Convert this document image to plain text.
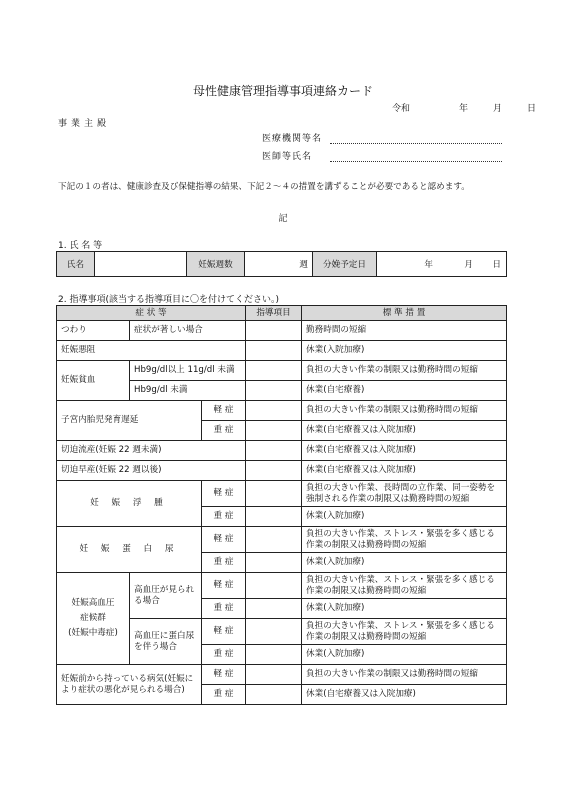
母性健康管理指導事項連絡カード
令和	年	月	日
事業主殿
医療機関等名
医師等氏名
下記の１の者は、健康診査及び保健指導の結果、下記２～４の措置を講ずることが必要であると認めます。
記
1. 氏 名 等
氏名		妊娠週数	週	分娩予定日	年	月 日
2. 指導事項(該当する指導項目に〇を付けてください。)
症 状 等			指導項目	標 準 措 置
つわり	症状が著しい場合			勤務時間の短縮
妊娠悪阻				休業(入院加療)
妊娠貧血	Hb9g/dl以上 11g/dl 未満			負担の大きい作業の制限又は勤務時間の短縮
	Hb9g/dl 未満			休業(自宅療養)
子宮内胎児発育遅延		軽 症		負担の大きい作業の制限又は勤務時間の短縮
		重 症		休業(自宅療養又は入院加療)
切迫流産(妊娠 22 週未満)				休業(自宅療養又は入院加療)
切迫早産(妊娠 22 週以後)				休業(自宅療養又は入院加療)
妊 娠 浮 腫		軽 症		負担の大きい作業、長時間の立作業、同一姿勢を強制される作業の制限又は勤務時間の短縮
		重 症		休業(入院加療)
妊 娠 蛋 白 尿		軽 症		負担の大きい作業、ストレス・緊張を多く感じる作業の制限又は勤務時間の短縮
		重 症		休業(入院加療)

妊娠高血圧
症候群
(妊娠中毒症)	高血圧が見られる場合	軽 症		負担の大きい作業、ストレス・緊張を多く感じる作業の制限又は勤務時間の短縮
		重 症		休業(入院加療)
	高血圧に蛋白尿を伴う場合	軽 症		負担の大きい作業、ストレス・緊張を多く感じる作業の制限又は勤務時間の短縮
		重 症		休業(入院加療)
妊娠前から持っている病気(妊娠により症状の悪化が見られる場合)		軽 症		負担の大きい作業の制限又は勤務時間の短縮
		重 症		休業(自宅療養又は入院加療)
